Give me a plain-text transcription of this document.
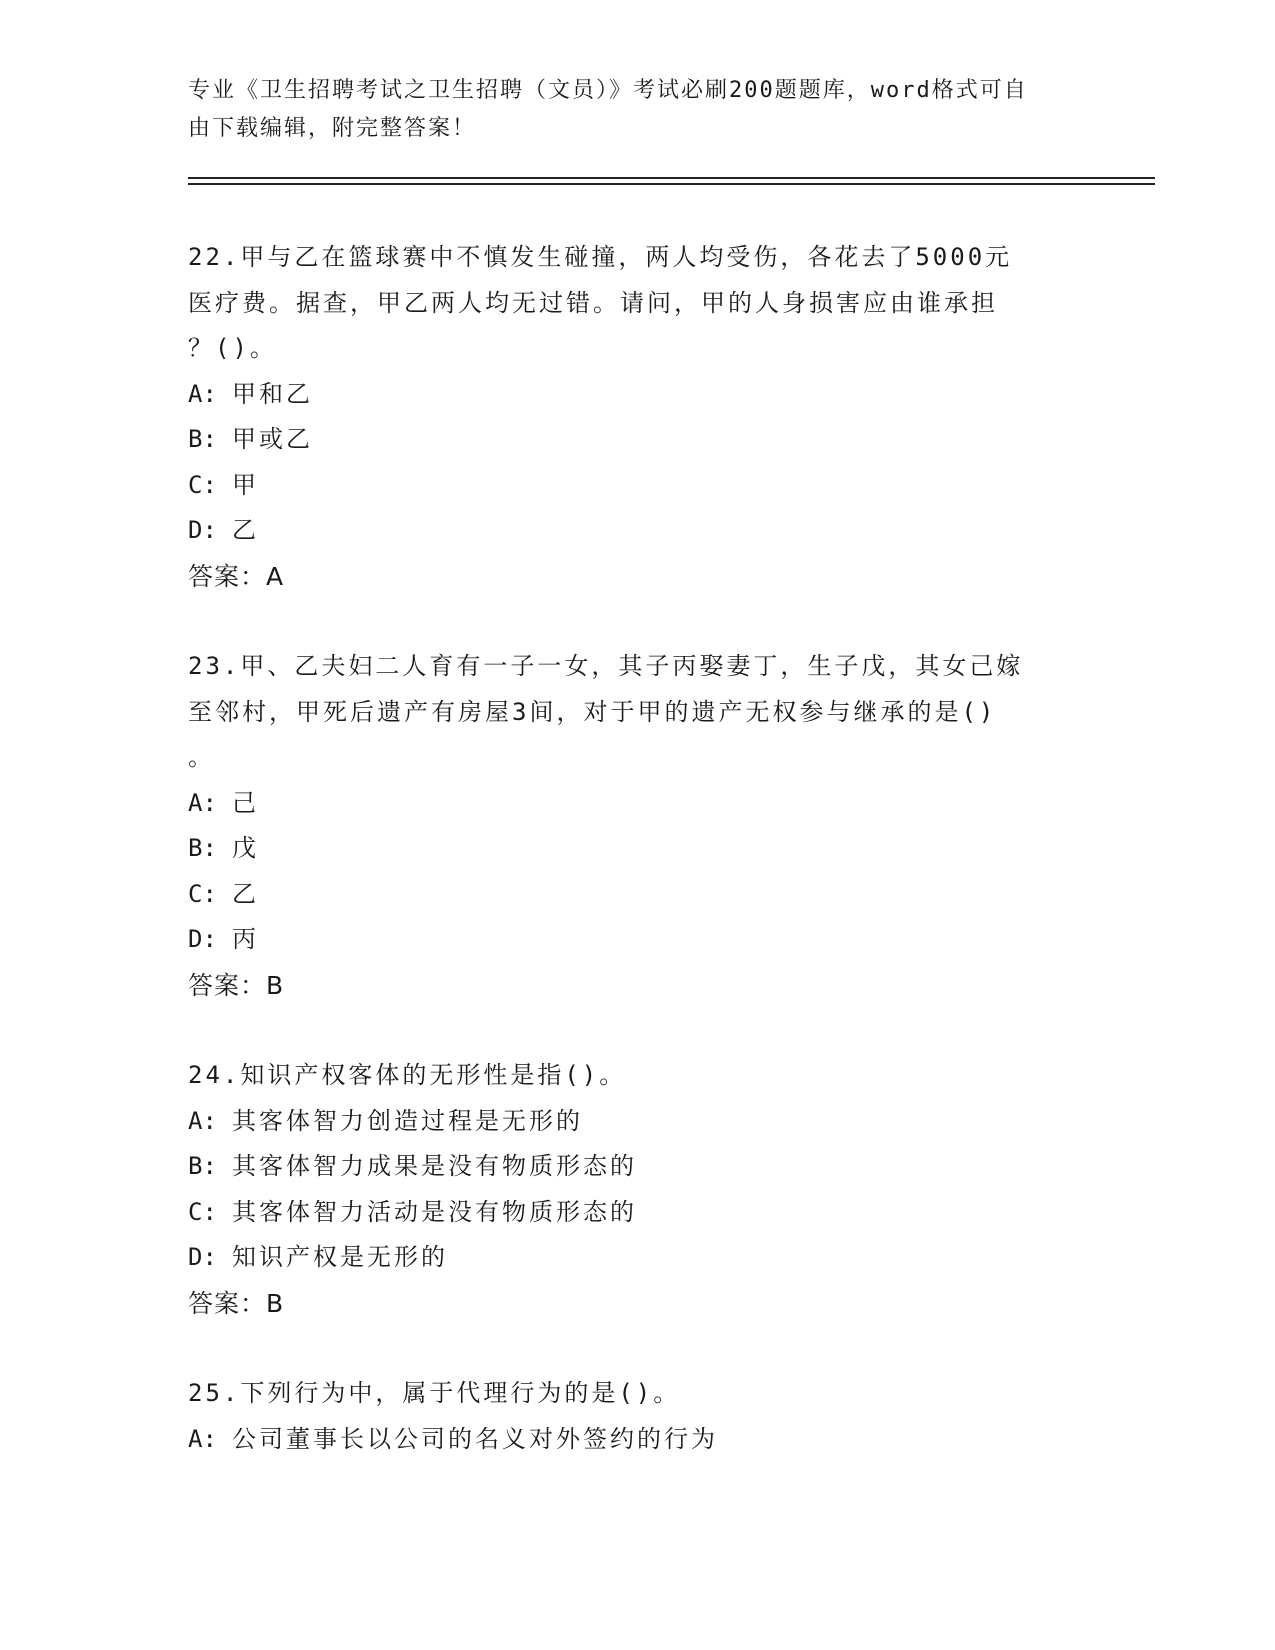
专业《卫生招聘考试之卫生招聘（文员）》考试必刷200题题库，word格式可自
由下载编辑，附完整答案！

22.甲与乙在篮球赛中不慎发生碰撞，两人均受伤，各花去了5000元

医疗费。据查，甲乙两人均无过错。请问，甲的人身损害应由谁承担

？()。

A: 甲和乙

B: 甲或乙

C: 甲

D: 乙

答案：A

23.甲、乙夫妇二人育有一子一女，其子丙娶妻丁，生子戊，其女己嫁

至邻村，甲死后遗产有房屋3间，对于甲的遗产无权参与继承的是()

。

A: 己

B: 戊

C: 乙

D: 丙

答案：B

24.知识产权客体的无形性是指()。

A: 其客体智力创造过程是无形的

B: 其客体智力成果是没有物质形态的

C: 其客体智力活动是没有物质形态的

D: 知识产权是无形的

答案：B

25.下列行为中，属于代理行为的是()。

A: 公司董事长以公司的名义对外签约的行为
